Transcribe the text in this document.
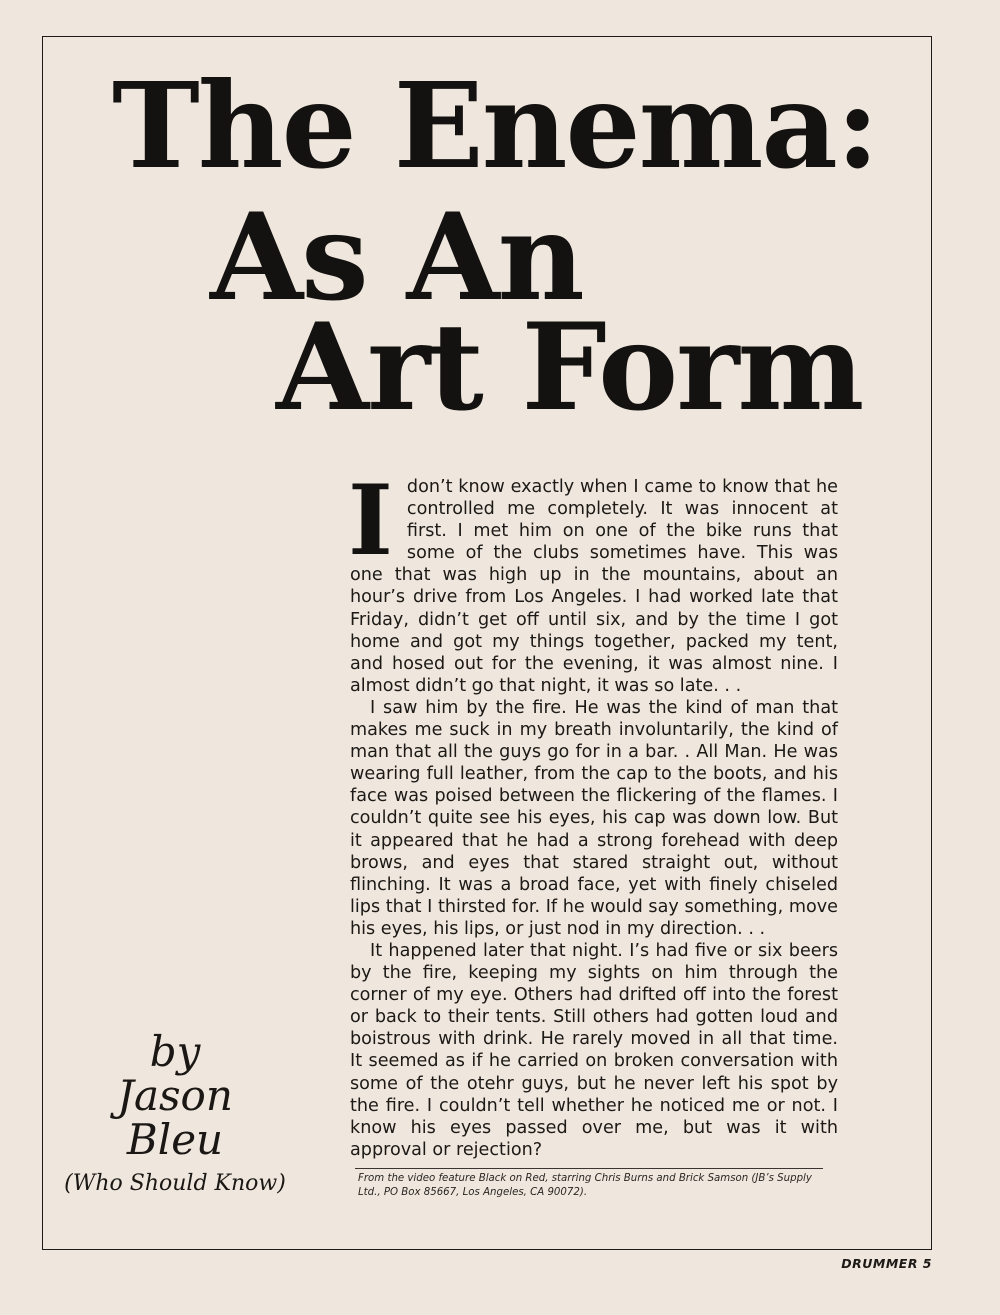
The Enema:
As An
Art Form
by
Jason
Bleu
(Who Should Know)

Idon’t know exactly when I came to know that he controlled me completely. It was innocent at first. I met him on one of the bike runs that some of the clubs sometimes have. This was one that was high up in the mountains, about an hour’s drive from Los Angeles. I had worked late that Friday, didn’t get off until six, and by the time I got home and got my things together, packed my tent, and hosed out for the evening, it was almost nine. I almost didn’t go that night, it was so late. . .

I saw him by the fire. He was the kind of man that makes me suck in my breath involuntarily, the kind of man that all the guys go for in a bar. . All Man. He was wearing full leather, from the cap to the boots, and his face was poised between the flickering of the flames. I couldn’t quite see his eyes, his cap was down low. But it appeared that he had a strong forehead with deep brows, and eyes that stared straight out, without flinching. It was a broad face, yet with finely chiseled lips that I thirsted for. If he would say something, move his eyes, his lips, or just nod in my direction. . .

It happened later that night. I’s had five or six beers by the fire, keeping my sights on him through the corner of my eye. Others had drifted off into the forest or back to their tents. Still others had gotten loud and boistrous with drink. He rarely moved in all that time. It seemed as if he carried on broken conversation with some of the otehr guys, but he never left his spot by the fire. I couldn’t tell whether he noticed me or not. I know his eyes passed over me, but was it with approval or rejection?

From the video feature Black on Red, starring Chris Burns and Brick Samson (JB’s Supply Ltd., PO Box 85667, Los Angeles, CA 90072).
DRUMMER 5
